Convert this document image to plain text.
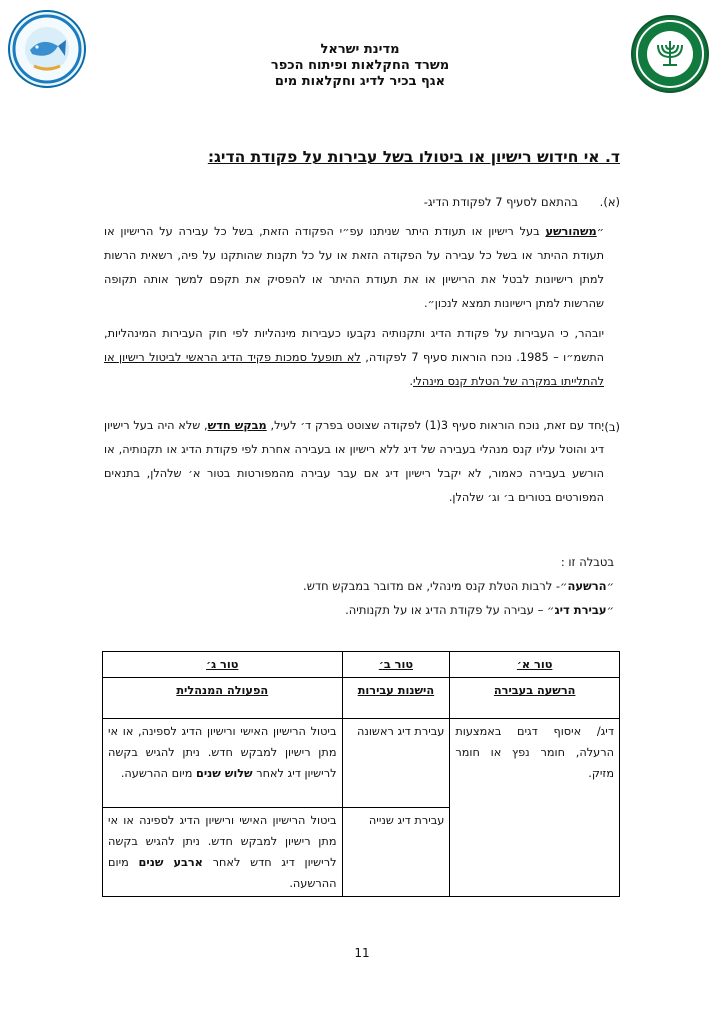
מדינת ישראל
משרד החקלאות ופיתוח הכפר
אגף בכיר לדיג וחקלאות מים
ד. אי חידוש רישיון או ביטולו בשל עבירות על פקודת הדיג:
(א).
בהתאם לסעיף 7 לפקודת הדיג-

״משהורשע בעל רישיון או תעודת היתר שניתנו עפ״י הפקודה הזאת, בשל כל עבירה על הרישיון או תעודת ההיתר או בשל כל עבירה על הפקודה הזאת או על כל תקנות שהותקנו על פיה, רשאית הרשות למתן רישיונות לבטל את הרישיון או את תעודת ההיתר או להפסיק את תקפם למשך אותה תקופה שהרשות למתן רישיונות תמצא לנכון״.

יובהר, כי העבירות על פקודת הדיג ותקנותיה נקבעו כעבירות מינהליות לפי חוק העבירות המינהליות, התשמ״ו – 1985. נוכח הוראות סעיף 7 לפקודה, לא תופעל סמכות פקיד הדיג הראשי לביטול רישיון או להתלייתו במקרה של הטלת קנס מינהלי.

(ב).

יחד עם זאת, נוכח הוראות סעיף 3(1) לפקודה שצוטט בפרק ד׳ לעיל, מבקש חדש, שלא היה בעל רישיון דיג והוטל עליו קנס מנהלי בעבירה של דיג ללא רישיון או בעבירה אחרת לפי פקודת הדיג או תקנותיה, או הורשע בעבירה כאמור, לא יקבל רישיון דיג אם עבר עבירה מהמפורטות בטור א׳ שלהלן, בתנאים המפורטים בטורים ב׳ וג׳ שלהלן.

בטבלה זו :
״הרשעה״- לרבות הטלת קנס מינהלי, אם מדובר במבקש חדש.
״עבירת דיג״ – עבירה על פקודת הדיג או על תקנותיה.
טור א׳	טור ב׳	טור ג׳
הרשעה בעבירה	הישנות עבירות	הפעולה המנהלית
דיג/ איסוף דגים באמצעות הרעלה, חומר נפץ או חומר מזיק.	עבירת דיג ראשונה	ביטול הרישיון האישי ורישיון הדיג לספינה, או אי מתן רישיון למבקש חדש. ניתן להגיש בקשה לרישיון דיג לאחר שלוש שנים מיום ההרשעה.
	עבירת דיג שנייה	ביטול הרישיון האישי ורישיון הדיג לספינה או אי מתן רישיון למבקש חדש. ניתן להגיש בקשה לרישיון דיג חדש לאחר ארבע שנים מיום ההרשעה.
11
